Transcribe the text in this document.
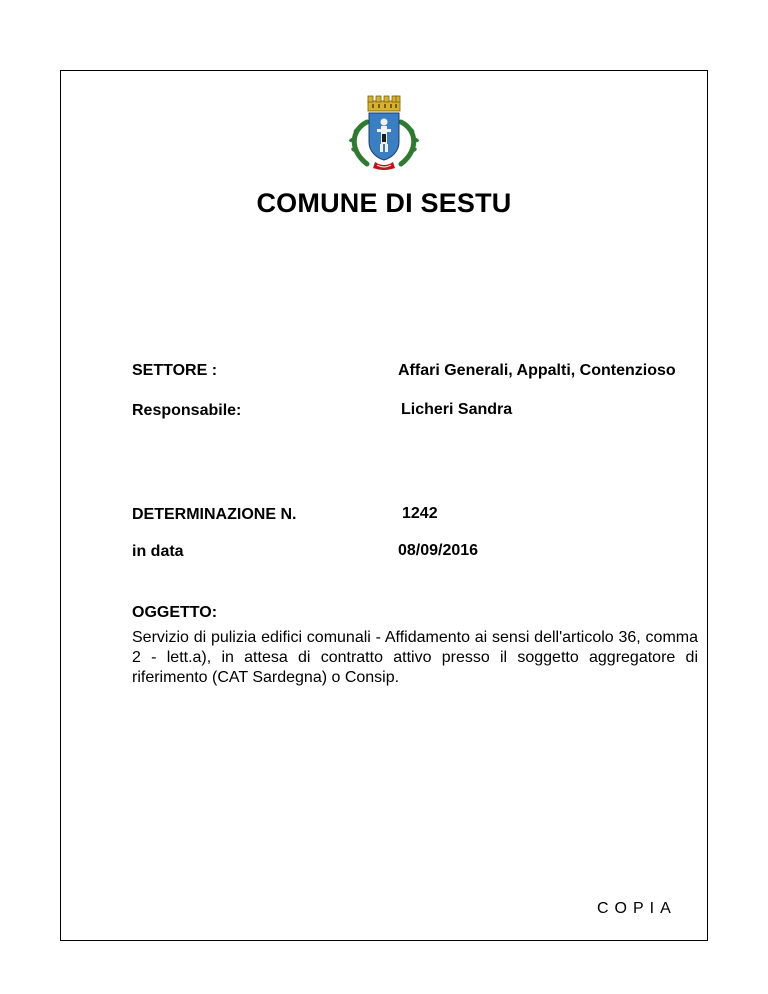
COMUNE DI SESTU
SETTORE :	Affari Generali, Appalti, Contenzioso
Responsabile:	Licheri Sandra
DETERMINAZIONE N.	1242
in data	08/09/2016
OGGETTO:
Servizio di pulizia edifici comunali - Affidamento ai sensi dell'articolo 36, comma 2 - lett.a), in attesa di contratto attivo presso il soggetto aggregatore di riferimento (CAT Sardegna) o Consip.
COPIA
